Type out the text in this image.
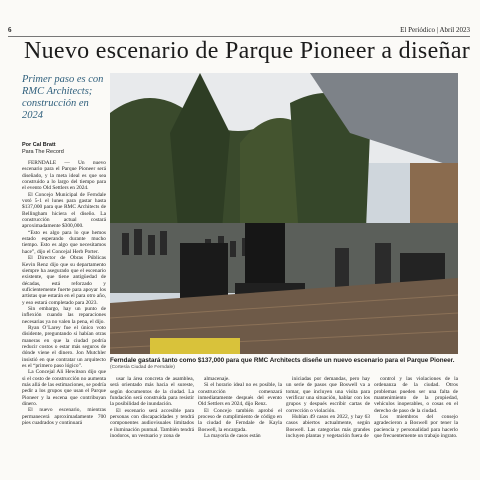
6	El Periódico | Abril 2023
Nuevo escenario de Parque Pioneer a diseñar
Primer paso es con RMC Architects; construcción en 2024
Por Cal Bratt
Para The Record

FERNDALE — Un nuevo escenario para el Parque Pioneer será diseñado, y la meta ideal es que sea construido a lo largo del tiempo para el evento Old Settlers en 2024.

El Concejo Municipal de Ferndale votó 5-1 el lunes para gastar hasta $137,000 para que RMC Architects de Bellingham hiciera el diseño. La construcción actual costará aproximadamente $300,000.

“Esto es algo para lo que hemos estado esperando durante mucho tiempo. Esto es algo que necesitamos hace”, dijo el Concejal Herb Porter.

El Director de Obras Públicas Kevin Renz dijo que su departamento siempre ha asegurado que el escenario existente, que tiene antigüedad de décadas, está reforzado y suficientemente fuerte para apoyar los artistas que estarán en el para otro año, y eso estará completado para 2023.

Sin embargo, hay un punto de inflexión cuando las reparaciones necesarias ya no valen la pena, el dijo.

Ryan O’Larey fue el único voto disidente, preguntando si habían otras maneras en que la ciudad podría reducir costos o estar más seguros de dónde viene el dinero. Jon Mutchler insistió en que contratar un arquitecto es el “primero paso lógico”.

La Concejal Ali Hewitson dijo que si el costo de construcción no aumenta más allá de las estimaciones, se podría pedir a los grupos que usan el Parque Pioneer y la escena que contribuyan dinero.

El nuevo escenario, mientras permanecerá aproximadamente 700 pies cuadrados y continuará

Ferndale gastará tanto como $137,000 para que RMC Architects diseñe un nuevo escenario para el Parque Pioneer.
(Cortesía Ciudad de Ferndale)

usar la área concreta de asamblea, será orientado más hacia el sureste, según documentos de la ciudad. La fundación será construida para resistir la posibilidad de inundación.

El escenario será accesible para personas con discapacidades y tendrá componentes audiovisuales limitados e iluminación puntual. También tendrá inodoros, un vestuario y zona de

almacenaje.

Si el horario ideal no es posible, la construcción comenzará inmediatamente después del evento Old Settlers en 2024, dijo Renz.

El Concejo también aprobó el proceso de cumplimiento de código en la ciudad de Ferndale de Kayla Boswell, la encargada.

La mayoría de casos están

iniciadas por demandas, pero hay un serie de pasos que Boswell va a tomar, que incluyen una visita para verificar una situación, hablar con los grupos y después escribir cartas de corrección o violación.

Hubían 49 casos en 2022, y hay 63 casos abiertos actualmente, según Boswell. Las categorías más grandes incluyen plantas y vegetación fuera de

control y las violaciones de la ordenanza de la ciudad. Otros problemas pueden ser una falta de mantenimiento de la propiedad, vehículos inoperables, o cosas en el derecho de paso de la ciudad.

Los miembros del consejo agradecieron a Boswell por tener la paciencia y personalidad para hacerlo que frecuentemente un trabajo ingrato.
